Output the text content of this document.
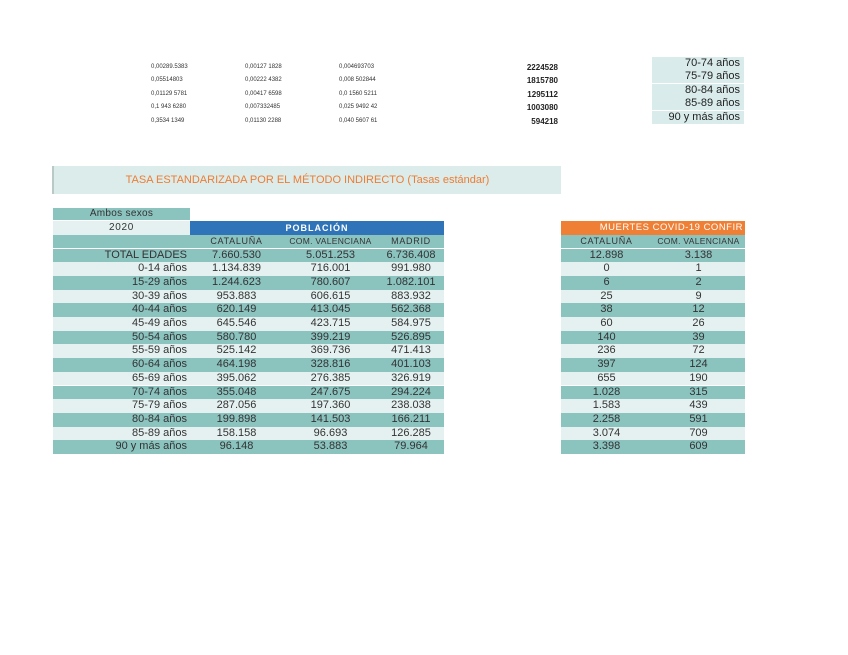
0,00289.5383	0,00127 1828	0,004693703	2224528	70-74 años
0,05514803	0,00222 4382	0,008 502844	1815780	75-79 años
0,01129 5781	0,00417 6598	0,0 1560 5211	1295112	80-84 años
0,1 943 6280	0,007332485	0,025 9492 42	1003080	85-89 años
0,3534 1349	0,01130 2288	0,040 5607 61	594218	90 y más años
TASA ESTANDARIZADA POR EL MÉTODO INDIRECTO (Tasas estándar)
Ambos sexos
2020	POBLACIÓN	MUERTES COVID-19 CONFIR
CATALUÑA	COM. VALENCIANA	MADRID	CATALUÑA	COM. VALENCIANA
TOTAL EDADES	7.660.530	5.051.253	6.736.408	12.898	3.138
0-14 años	1.134.839	716.001	991.980	0	1
15-29 años	1.244.623	780.607	1.082.101	6	2
30-39 años	953.883	606.615	883.932	25	9
40-44 años	620.149	413.045	562.368	38	12
45-49 años	645.546	423.715	584.975	60	26
50-54 años	580.780	399.219	526.895	140	39
55-59 años	525.142	369.736	471.413	236	72
60-64 años	464.198	328.816	401.103	397	124
65-69 años	395.062	276.385	326.919	655	190
70-74 años	355.048	247.675	294.224	1.028	315
75-79 años	287.056	197.360	238.038	1.583	439
80-84 años	199.898	141.503	166.211	2.258	591
85-89 años	158.158	96.693	126.285	3.074	709
90 y más años	96.148	53.883	79.964	3.398	609
